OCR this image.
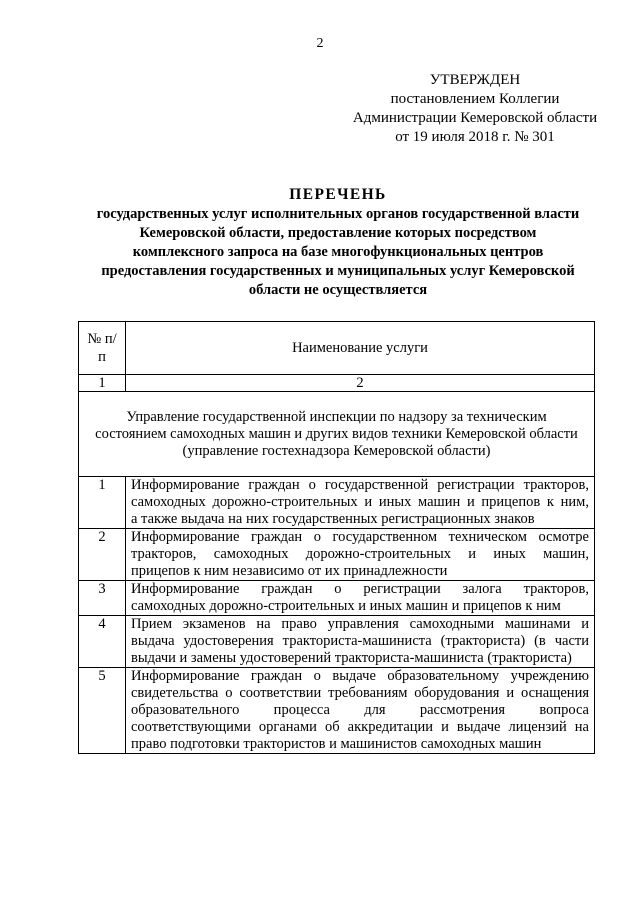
2
УТВЕРЖДЕН
постановлением Коллегии
Администрации Кемеровской области
от 19 июля 2018 г. № 301
ПЕРЕЧЕНЬ
государственных услуг исполнительных органов государственной власти
Кемеровской области, предоставление которых посредством
комплексного запроса на базе многофункциональных центров
предоставления государственных и муниципальных услуг Кемеровской
области не осуществляется
№ п/п	Наименование услуги
1	2
Управление государственной инспекции по надзору за техническим состоянием самоходных машин и других видов техники Кемеровской области (управление гостехнадзора Кемеровской области)	
1	Информирование граждан о государственной регистрации тракторов,
самоходных дорожно-строительных и иных машин и прицепов к ним,
а также выдача на них государственных регистрационных знаков

2	Информирование граждан о государственном техническом осмотре
тракторов, самоходных дорожно-строительных и иных машин,
прицепов к ним независимо от их принадлежности

3	Информирование граждан о регистрации залога тракторов,
самоходных дорожно-строительных и иных машин и прицепов к ним

4	Прием экзаменов на право управления самоходными машинами и
выдача удостоверения тракториста-машиниста (тракториста) (в части
выдачи и замены удостоверений тракториста-машиниста (тракториста)

5	Информирование граждан о выдаче образовательному учреждению
свидетельства о соответствии требованиям оборудования и оснащения
образовательного процесса для рассмотрения вопроса
соответствующими органами об аккредитации и выдаче лицензий на
право подготовки трактористов и машинистов самоходных машин
